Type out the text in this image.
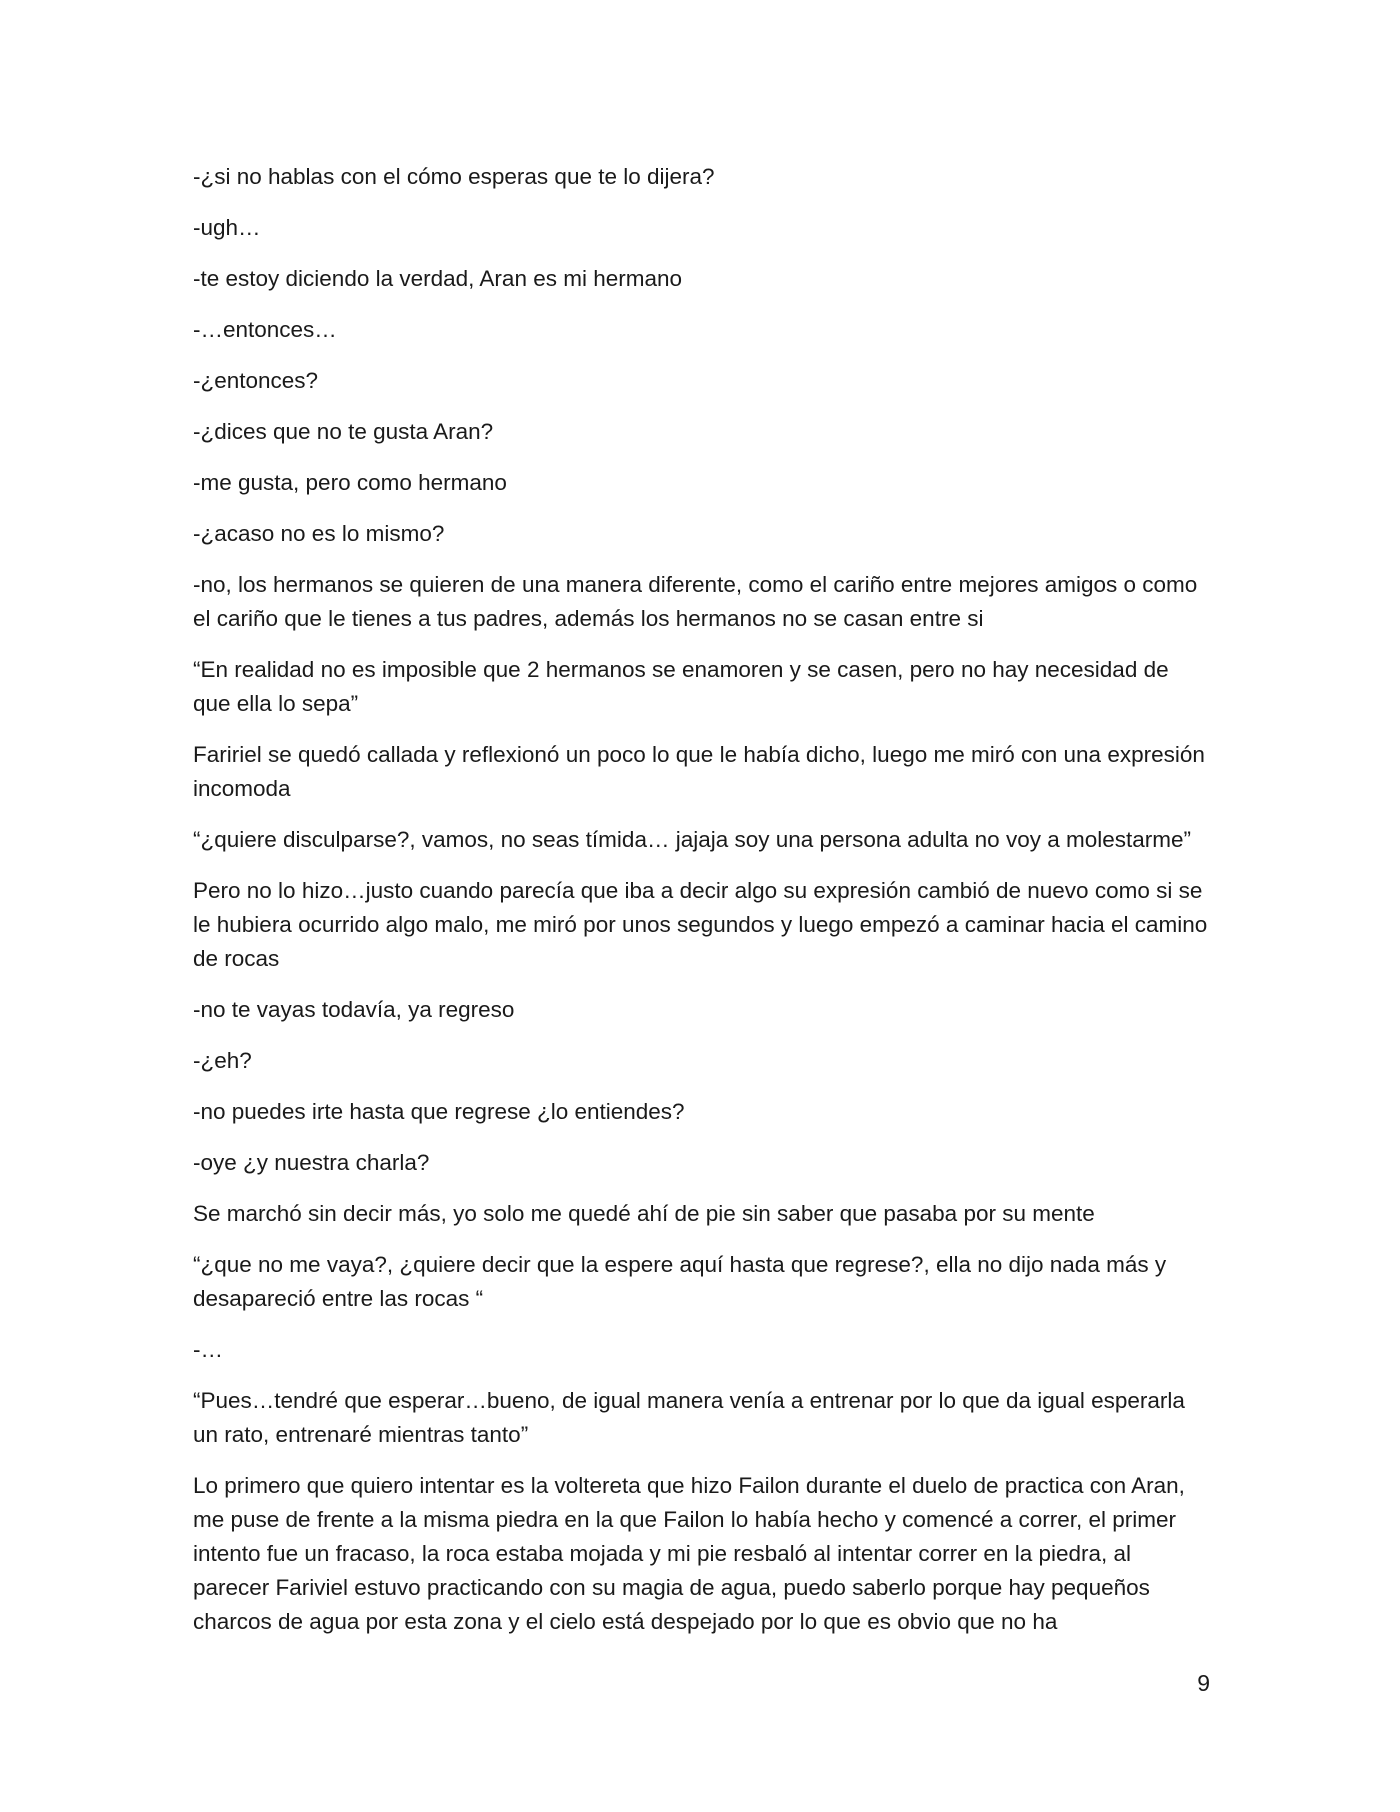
-¿si no hablas con el cómo esperas que te lo dijera?

-ugh…

-te estoy diciendo la verdad, Aran es mi hermano

-…entonces…

-¿entonces?

-¿dices que no te gusta Aran?

-me gusta, pero como hermano

-¿acaso no es lo mismo?

-no, los hermanos se quieren de una manera diferente, como el cariño entre mejores amigos o como el cariño que le tienes a tus padres, además los hermanos no se casan entre si

“En realidad no es imposible que 2 hermanos se enamoren y se casen, pero no hay necesidad de que ella lo sepa”

Faririel se quedó callada y reflexionó un poco lo que le había dicho, luego me miró con una expresión incomoda

“¿quiere disculparse?, vamos, no seas tímida… jajaja soy una persona adulta no voy a molestarme”

Pero no lo hizo…justo cuando parecía que iba a decir algo su expresión cambió de nuevo como si se le hubiera ocurrido algo malo, me miró por unos segundos y luego empezó a caminar hacia el camino de rocas

-no te vayas todavía, ya regreso

-¿eh?

-no puedes irte hasta que regrese ¿lo entiendes?

-oye ¿y nuestra charla?

Se marchó sin decir más, yo solo me quedé ahí de pie sin saber que pasaba por su mente

“¿que no me vaya?, ¿quiere decir que la espere aquí hasta que regrese?, ella no dijo nada más y desapareció entre las rocas “

-…

“Pues…tendré que esperar…bueno, de igual manera venía a entrenar por lo que da igual esperarla un rato, entrenaré mientras tanto”

Lo primero que quiero intentar es la voltereta que hizo Failon durante el duelo de practica con Aran, me puse de frente a la misma piedra en la que Failon lo había hecho y comencé a correr, el primer intento fue un fracaso, la roca estaba mojada y mi pie resbaló al intentar correr en la piedra, al parecer Fariviel estuvo practicando con su magia de agua, puedo saberlo porque hay pequeños charcos de agua por esta zona y el cielo está despejado por lo que es obvio que no ha

9
